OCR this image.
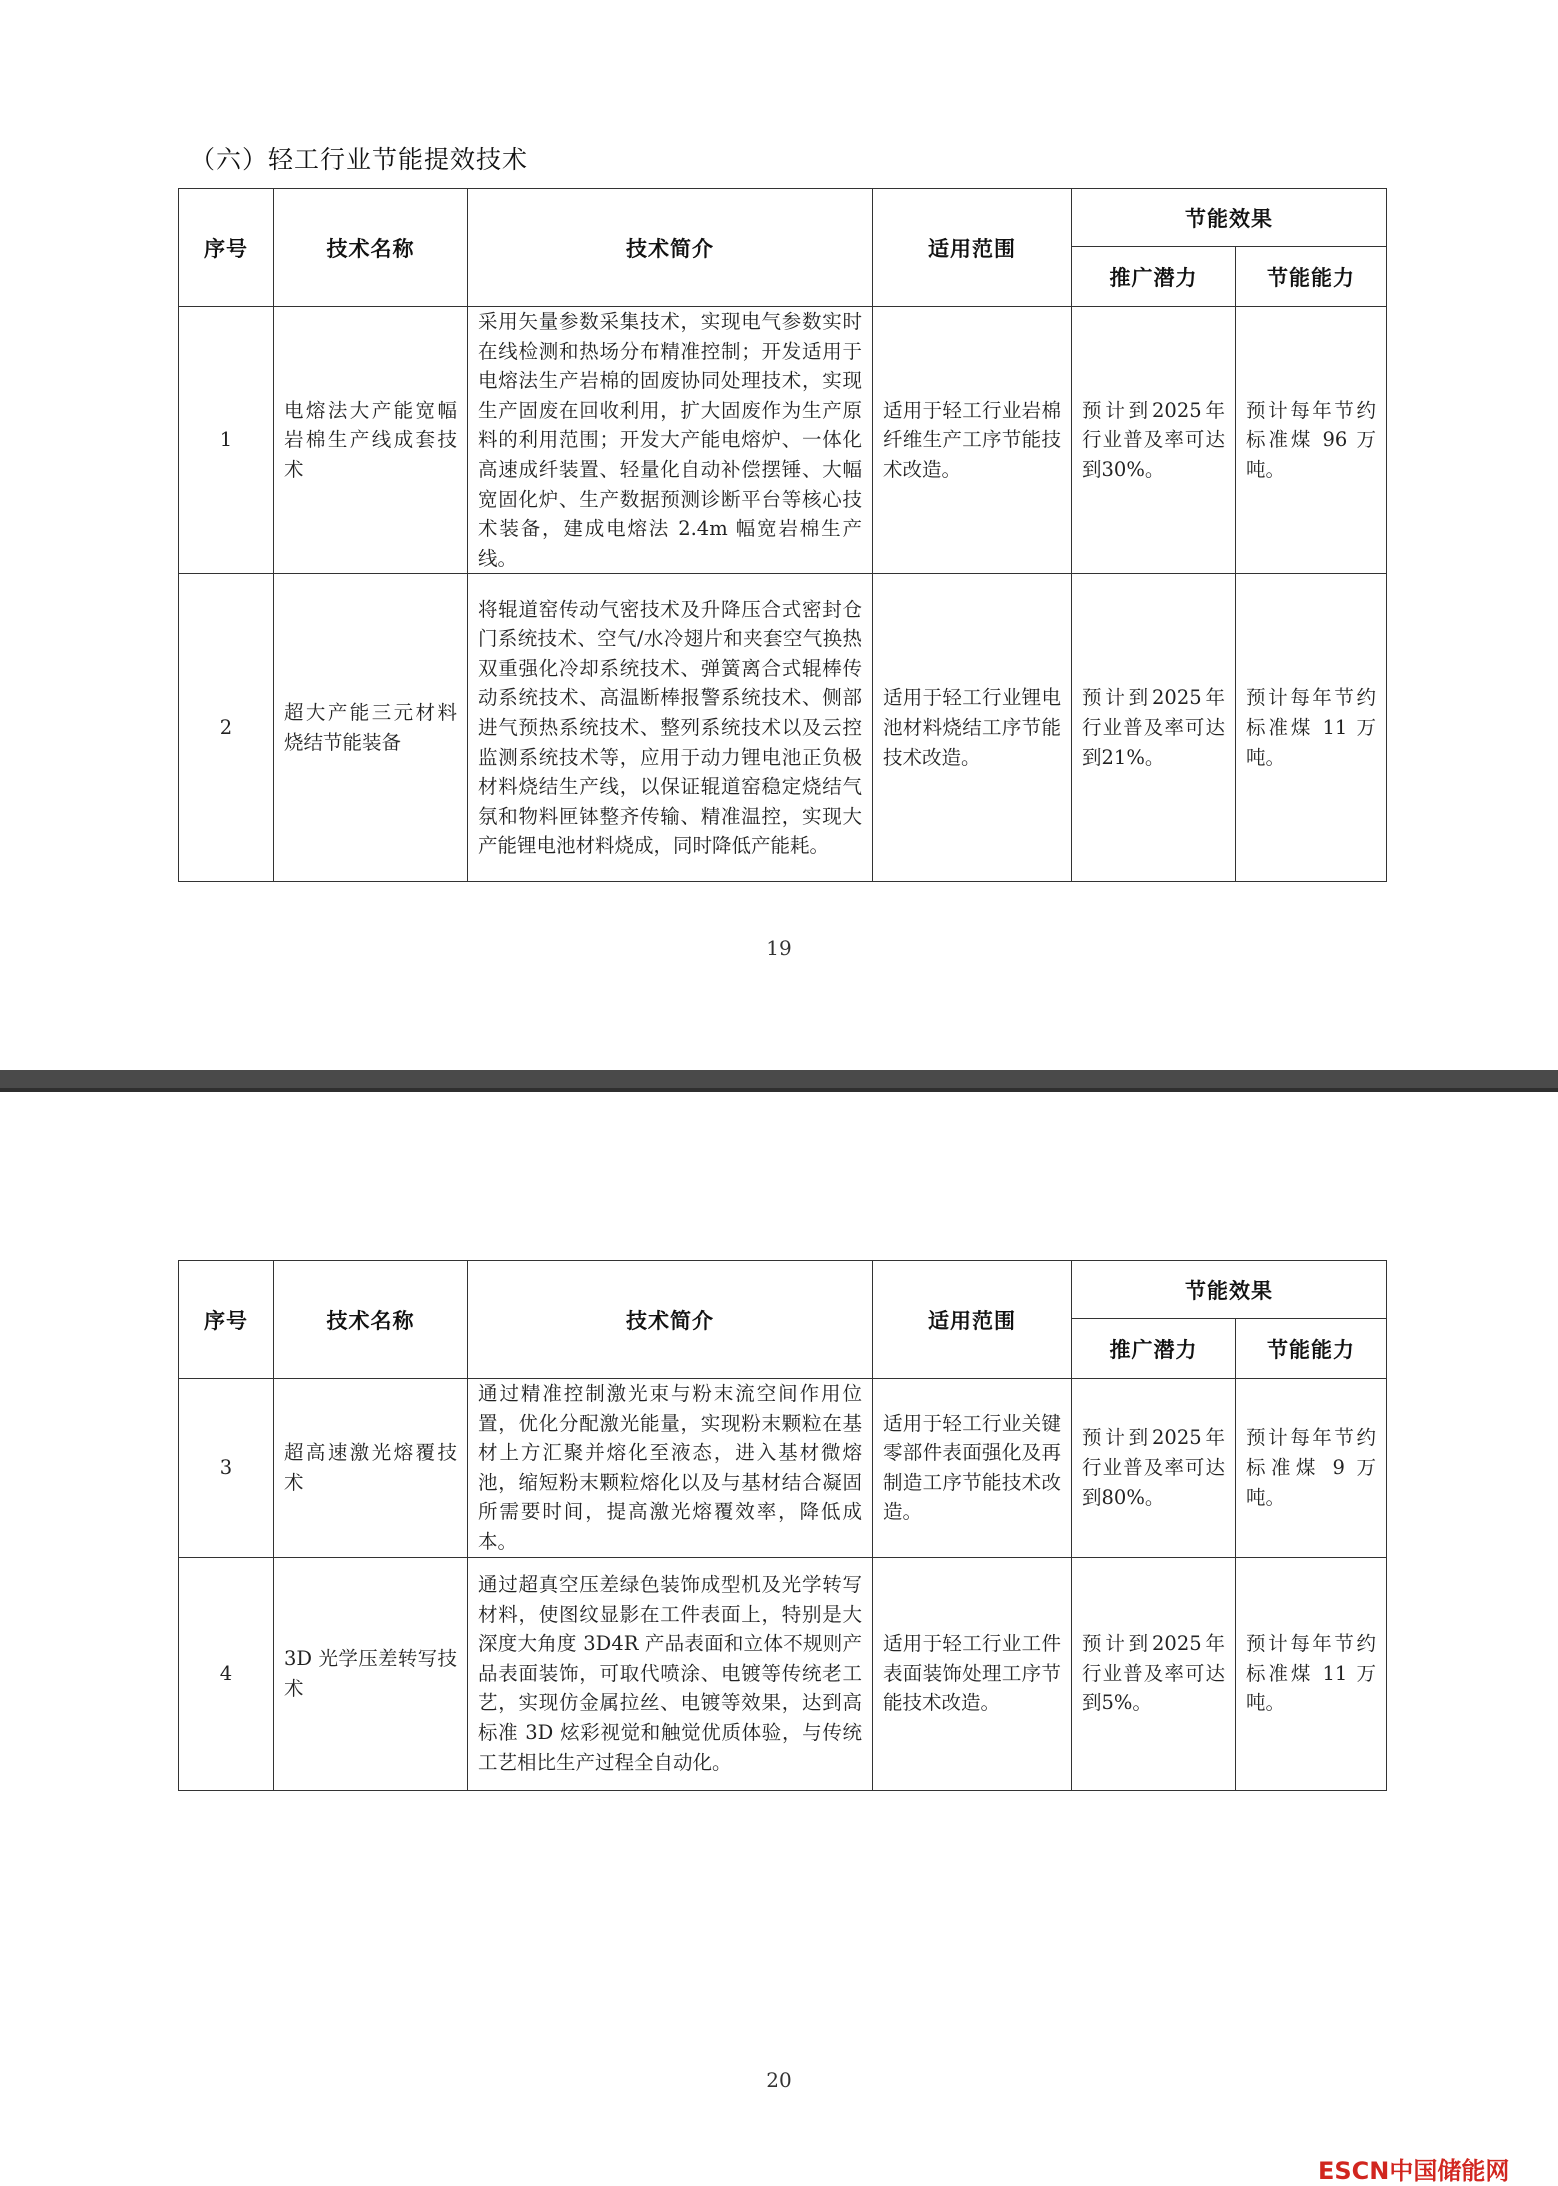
（六）轻工行业节能提效技术
序号	技术名称	技术简介	适用范围	节能效果	
				推广潜力	节能能力
1	电熔法大产能宽幅岩棉生产线成套技术	采用矢量参数采集技术，实现电气参数实时在线检测和热场分布精准控制；开发适用于电熔法生产岩棉的固废协同处理技术，实现生产固废在回收利用，扩大固废作为生产原料的利用范围；开发大产能电熔炉、一体化高速成纤装置、轻量化自动补偿摆锤、大幅宽固化炉、生产数据预测诊断平台等核心技术装备，建成电熔法 2.4m 幅宽岩棉生产线。	适用于轻工行业岩棉纤维生产工序节能技术改造。	预计到2025年行业普及率可达到30%。	预计每年节约标准煤 96 万吨。
2	超大产能三元材料烧结节能装备	将辊道窑传动气密技术及升降压合式密封仓门系统技术、空气/水冷翅片和夹套空气换热双重强化冷却系统技术、弹簧离合式辊棒传动系统技术、高温断棒报警系统技术、侧部进气预热系统技术、整列系统技术以及云控监测系统技术等，应用于动力锂电池正负极材料烧结生产线，以保证辊道窑稳定烧结气氛和物料匣钵整齐传输、精准温控，实现大产能锂电池材料烧成，同时降低产能耗。	适用于轻工行业锂电池材料烧结工序节能技术改造。	预计到2025年行业普及率可达到21%。	预计每年节约标准煤 11 万吨。
19
序号	技术名称	技术简介	适用范围	节能效果	
				推广潜力	节能能力
3	超高速激光熔覆技术	通过精准控制激光束与粉末流空间作用位置，优化分配激光能量，实现粉末颗粒在基材上方汇聚并熔化至液态，进入基材微熔池，缩短粉末颗粒熔化以及与基材结合凝固所需要时间，提高激光熔覆效率，降低成本。	适用于轻工行业关键零部件表面强化及再制造工序节能技术改造。	预计到2025年行业普及率可达到80%。	预计每年节约标准煤 9 万吨。
4	3D 光学压差转写技术	通过超真空压差绿色装饰成型机及光学转写材料，使图纹显影在工件表面上，特别是大深度大角度 3D4R 产品表面和立体不规则产品表面装饰，可取代喷涂、电镀等传统老工艺，实现仿金属拉丝、电镀等效果，达到高标准 3D 炫彩视觉和触觉优质体验，与传统工艺相比生产过程全自动化。	适用于轻工行业工件表面装饰处理工序节能技术改造。	预计到2025年行业普及率可达到5%。	预计每年节约标准煤 11 万吨。
20
ESCN中国储能网
